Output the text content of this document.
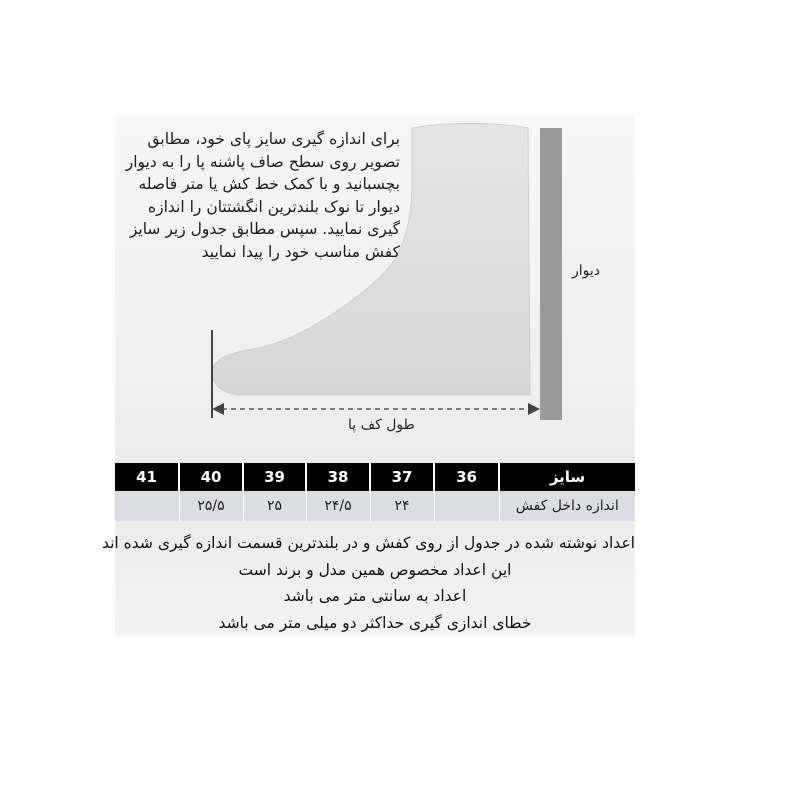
برای اندازه گیری سایز پای خود، مطابق
تصویر روی سطح صاف پاشنه پا را به دیوار
بچسبانید و با کمک خط کش یا متر فاصله
دیوار تا نوک بلندترین انگشتتان را اندازه
گیری نمایید. سپس مطابق جدول زیر سایز
کفش مناسب خود را پیدا نمایید
دیوار
طول کف پا
41	40	39	38	37	36	سایز
	۲۵/۵	۲۵	۲۴/۵	۲۴		اندازه داخل کفش
اعداد نوشته شده در جدول از روی کفش و در بلندترین قسمت اندازه گیری شده اند
این اعداد مخصوص همین مدل و برند است
اعداد به سانتی متر می باشد
خطای اندازی گیری حداکثر دو میلی متر می باشد
